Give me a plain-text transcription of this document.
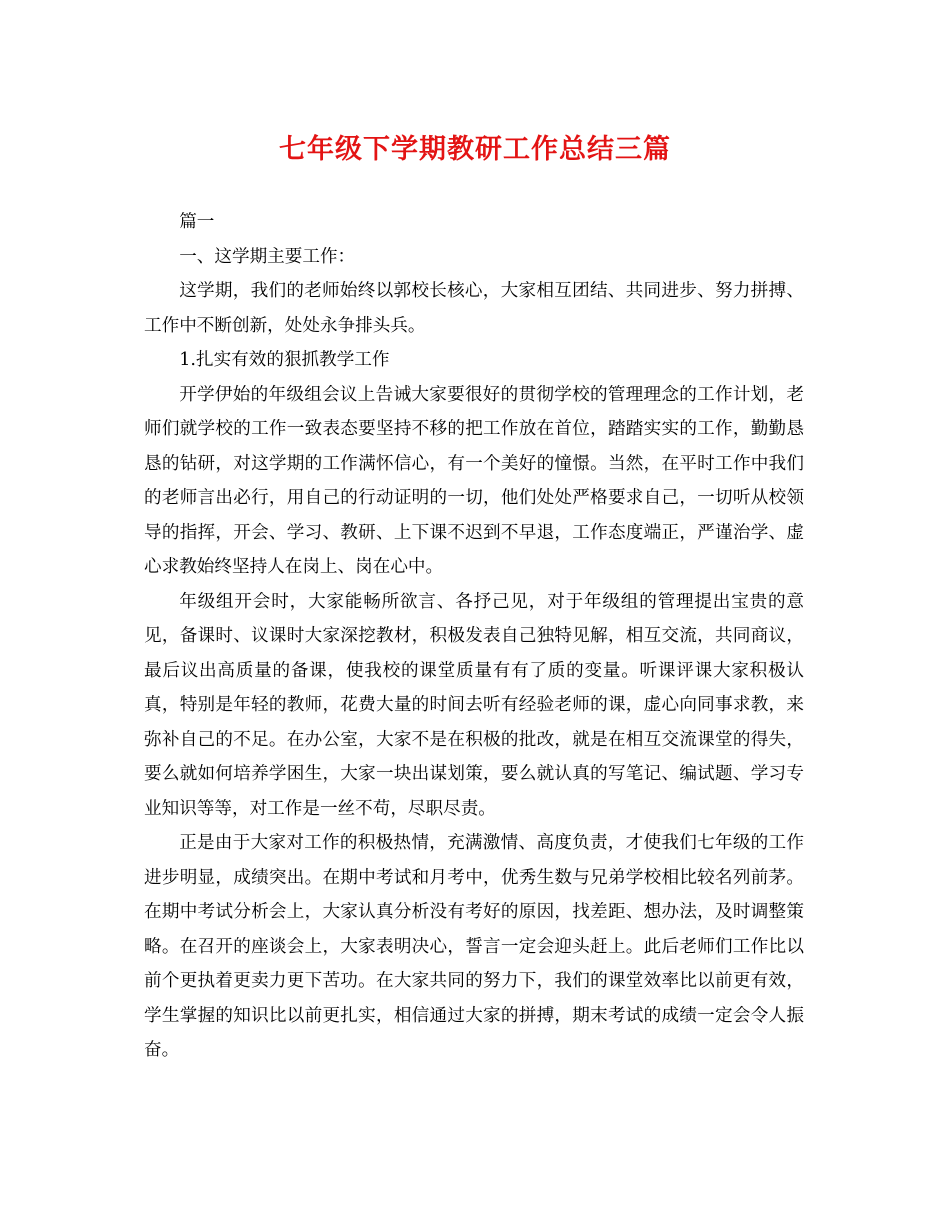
七年级下学期教研工作总结三篇

篇一

一、这学期主要工作：

这学期，我们的老师始终以郭校长核心，大家相互团结、共同进步、努力拼搏、工作中不断创新，处处永争排头兵。

1.扎实有效的狠抓教学工作

开学伊始的年级组会议上告诫大家要很好的贯彻学校的管理理念的工作计划，老师们就学校的工作一致表态要坚持不移的把工作放在首位，踏踏实实的工作，勤勤恳恳的钻研，对这学期的工作满怀信心，有一个美好的憧憬。当然，在平时工作中我们的老师言出必行，用自己的行动证明的一切，他们处处严格要求自己，一切听从校领导的指挥，开会、学习、教研、上下课不迟到不早退，工作态度端正，严谨治学、虚心求教始终坚持人在岗上、岗在心中。

年级组开会时，大家能畅所欲言、各抒己见，对于年级组的管理提出宝贵的意见，备课时、议课时大家深挖教材，积极发表自己独特见解，相互交流，共同商议，最后议出高质量的备课，使我校的课堂质量有有了质的变量。听课评课大家积极认真，特别是年轻的教师，花费大量的时间去听有经验老师的课，虚心向同事求教，来弥补自己的不足。在办公室，大家不是在积极的批改，就是在相互交流课堂的得失，要么就如何培养学困生，大家一块出谋划策，要么就认真的写笔记、编试题、学习专业知识等等，对工作是一丝不苟，尽职尽责。

正是由于大家对工作的积极热情，充满激情、高度负责，才使我们七年级的工作进步明显，成绩突出。在期中考试和月考中，优秀生数与兄弟学校相比较名列前茅。在期中考试分析会上，大家认真分析没有考好的原因，找差距、想办法，及时调整策略。在召开的座谈会上，大家表明决心，誓言一定会迎头赶上。此后老师们工作比以前个更执着更卖力更下苦功。在大家共同的努力下，我们的课堂效率比以前更有效，学生掌握的知识比以前更扎实，相信通过大家的拼搏，期末考试的成绩一定会令人振奋。
